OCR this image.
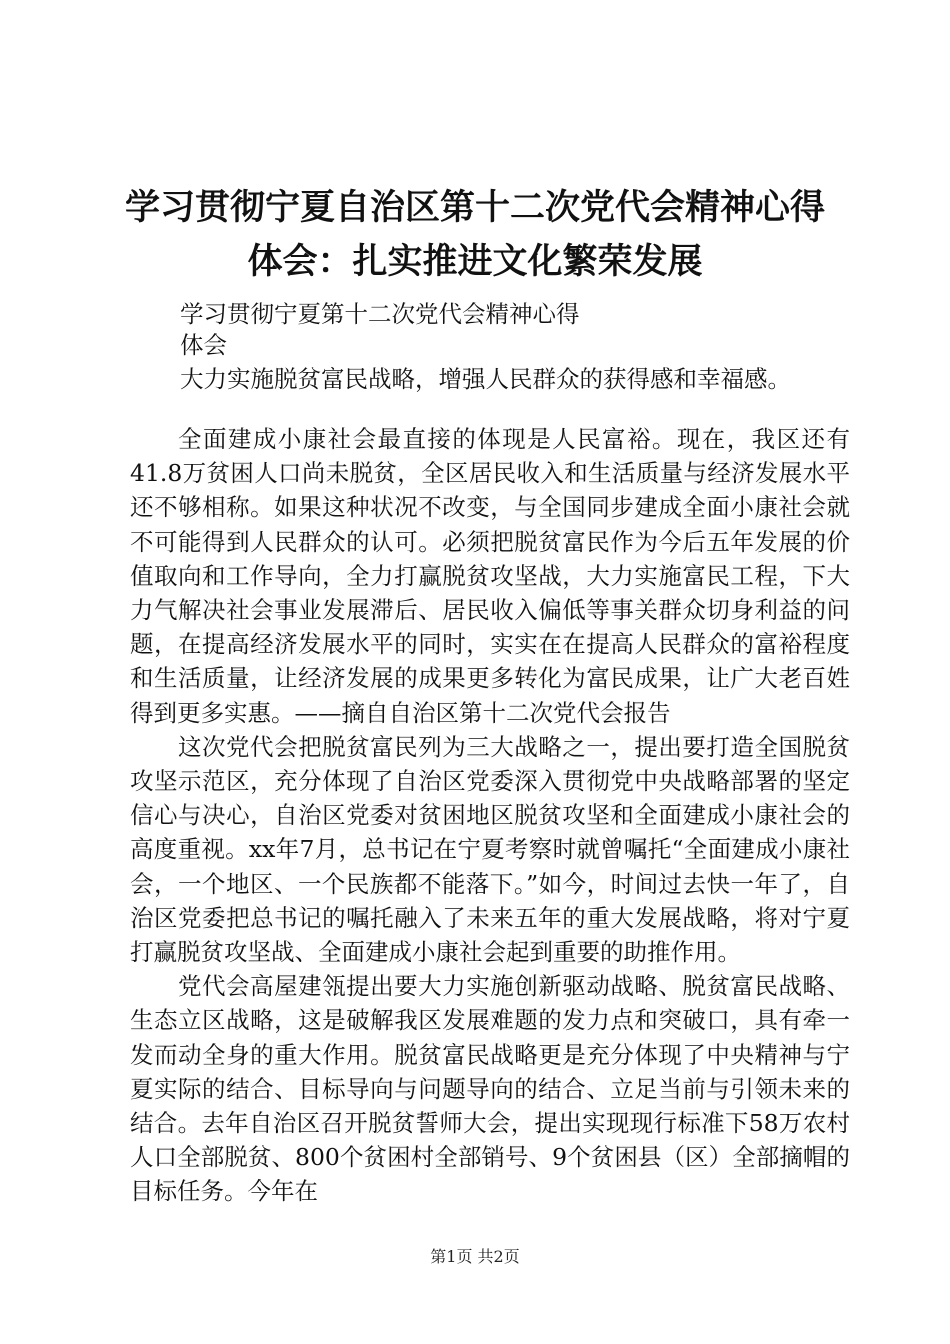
学习贯彻宁夏自治区第十二次党代会精神心得
体会：扎实推进文化繁荣发展
学习贯彻宁夏第十二次党代会精神心得
体会
大力实施脱贫富民战略，增强人民群众的获得感和幸福感。

全面建成小康社会最直接的体现是人民富裕。现在，我区还有41.8万贫困人口尚未脱贫，全区居民收入和生活质量与经济发展水平还不够相称。如果这种状况不改变，与全国同步建成全面小康社会就不可能得到人民群众的认可。必须把脱贫富民作为今后五年发展的价值取向和工作导向，全力打赢脱贫攻坚战，大力实施富民工程，下大力气解决社会事业发展滞后、居民收入偏低等事关群众切身利益的问题，在提高经济发展水平的同时，实实在在提高人民群众的富裕程度和生活质量，让经济发展的成果更多转化为富民成果，让广大老百姓得到更多实惠。——摘自自治区第十二次党代会报告

这次党代会把脱贫富民列为三大战略之一，提出要打造全国脱贫攻坚示范区，充分体现了自治区党委深入贯彻党中央战略部署的坚定信心与决心，自治区党委对贫困地区脱贫攻坚和全面建成小康社会的高度重视。xx年7月，总书记在宁夏考察时就曾嘱托“全面建成小康社会，一个地区、一个民族都不能落下。”如今，时间过去快一年了，自治区党委把总书记的嘱托融入了未来五年的重大发展战略，将对宁夏打赢脱贫攻坚战、全面建成小康社会起到重要的助推作用。

党代会高屋建瓴提出要大力实施创新驱动战略、脱贫富民战略、生态立区战略，这是破解我区发展难题的发力点和突破口，具有牵一发而动全身的重大作用。脱贫富民战略更是充分体现了中央精神与宁夏实际的结合、目标导向与问题导向的结合、立足当前与引领未来的结合。去年自治区召开脱贫誓师大会，提出实现现行标准下58万农村人口全部脱贫、800个贫困村全部销号、9个贫困县（区）全部摘帽的目标任务。今年在

第1页 共2页
